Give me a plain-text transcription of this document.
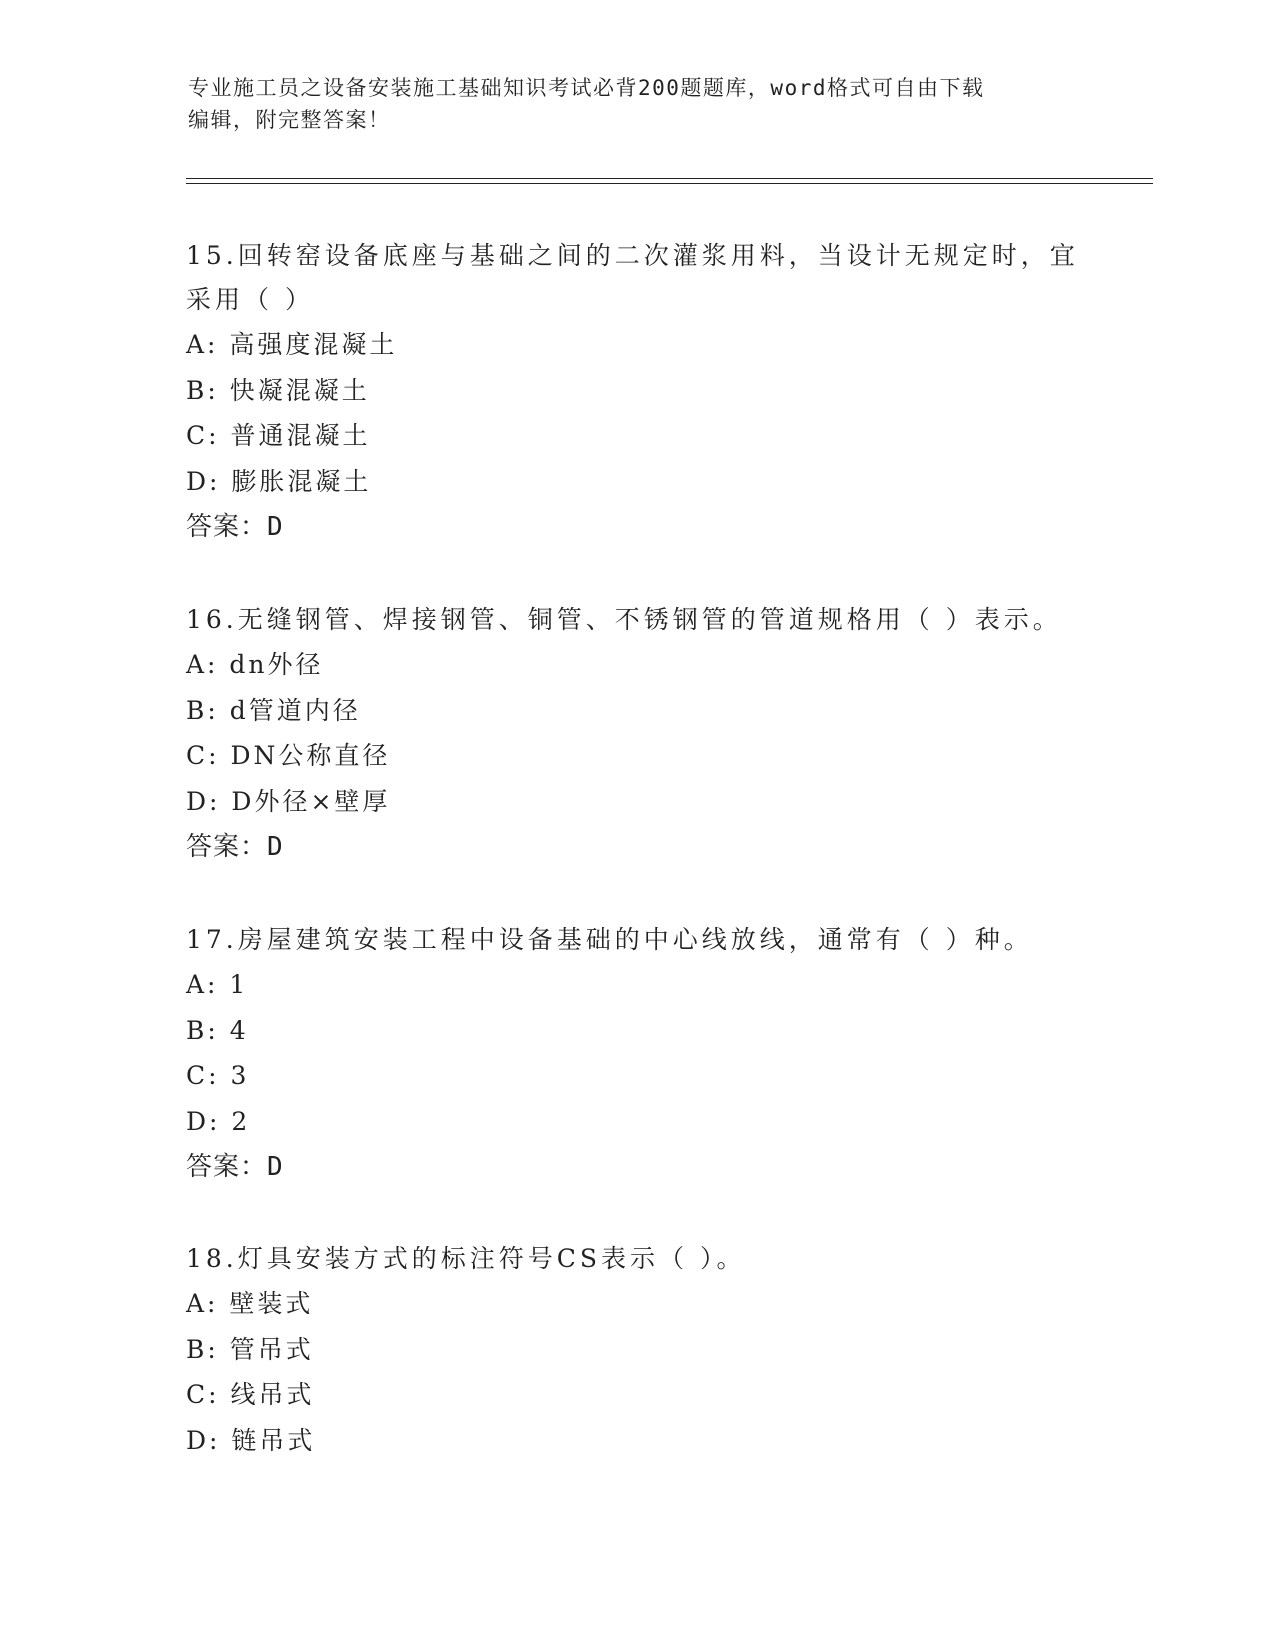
专业施工员之设备安装施工基础知识考试必背200题题库，word格式可自由下载
编辑，附完整答案！

15.回转窑设备底座与基础之间的二次灌浆用料，当设计无规定时，宜

采用（ ）

A: 高强度混凝土

B: 快凝混凝土

C: 普通混凝土

D: 膨胀混凝土

答案：D

16.无缝钢管、焊接钢管、铜管、不锈钢管的管道规格用（ ）表示。

A: dn外径

B: d管道内径

C: DN公称直径

D: D外径×壁厚

答案：D

17.房屋建筑安装工程中设备基础的中心线放线，通常有（ ）种。

A: 1

B: 4

C: 3

D: 2

答案：D

18.灯具安装方式的标注符号CS表示（ ）。

A: 壁装式

B: 管吊式

C: 线吊式

D: 链吊式
